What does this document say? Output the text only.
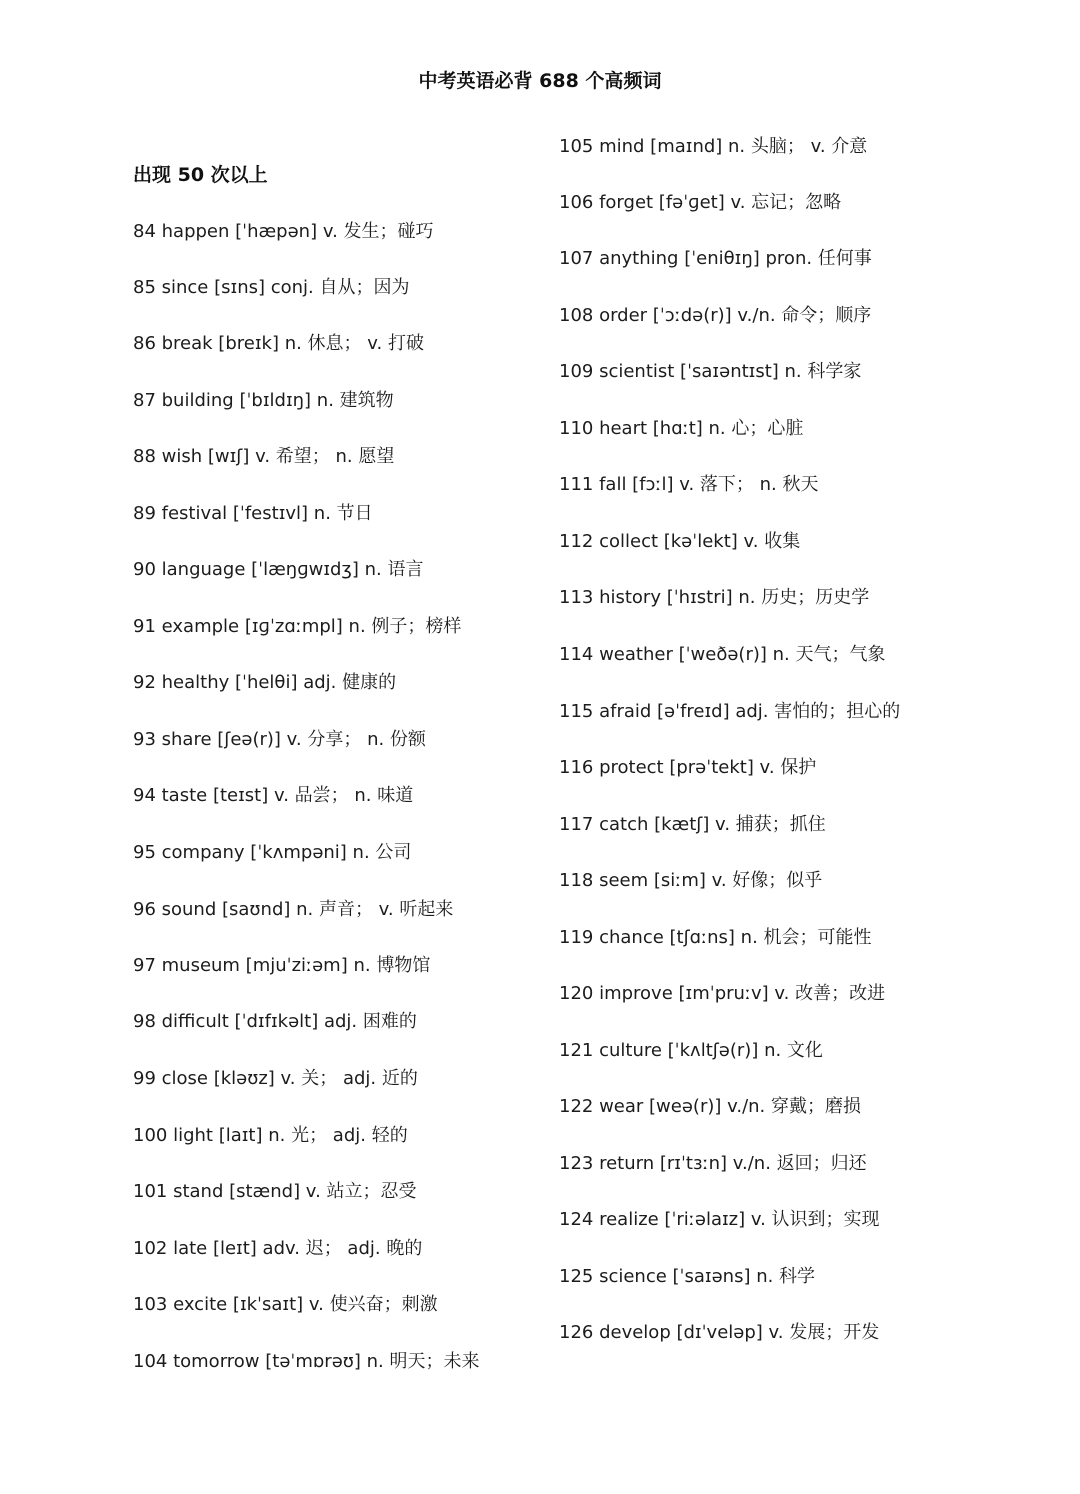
中考英语必背 688 个高频词
出现 50 次以上
84 happen [ˈhæpən] v. 发生；碰巧
85 since [sɪns] conj. 自从；因为
86 break [breɪk] n. 休息； v. 打破
87 building [ˈbɪldɪŋ] n. 建筑物
88 wish [wɪʃ] v. 希望； n. 愿望
89 festival [ˈfestɪvl] n. 节日
90 language [ˈlæŋɡwɪdʒ] n. 语言
91 example [ɪɡˈzɑːmpl] n. 例子；榜样
92 healthy [ˈhelθi] adj. 健康的
93 share [ʃeə(r)] v. 分享； n. 份额
94 taste [teɪst] v. 品尝； n. 味道
95 company [ˈkʌmpəni] n. 公司
96 sound [saʊnd] n. 声音； v. 听起来
97 museum [mjuˈziːəm] n. 博物馆
98 difficult [ˈdɪfɪkəlt] adj. 困难的
99 close [kləʊz] v. 关； adj. 近的
100 light [laɪt] n. 光； adj. 轻的
101 stand [stænd] v. 站立；忍受
102 late [leɪt] adv. 迟； adj. 晚的
103 excite [ɪkˈsaɪt] v. 使兴奋；刺激
104 tomorrow [təˈmɒrəʊ] n. 明天；未来
105 mind [maɪnd] n. 头脑； v. 介意
106 forget [fəˈɡet] v. 忘记；忽略
107 anything [ˈeniθɪŋ] pron. 任何事
108 order [ˈɔːdə(r)] v./n. 命令；顺序
109 scientist [ˈsaɪəntɪst] n. 科学家
110 heart [hɑːt] n. 心；心脏
111 fall [fɔːl] v. 落下； n. 秋天
112 collect [kəˈlekt] v. 收集
113 history [ˈhɪstri] n. 历史；历史学
114 weather [ˈweðə(r)] n. 天气；气象
115 afraid [əˈfreɪd] adj. 害怕的；担心的
116 protect [prəˈtekt] v. 保护
117 catch [kætʃ] v. 捕获；抓住
118 seem [siːm] v. 好像；似乎
119 chance [tʃɑːns] n. 机会；可能性
120 improve [ɪmˈpruːv] v. 改善；改进
121 culture [ˈkʌltʃə(r)] n. 文化
122 wear [weə(r)] v./n. 穿戴；磨损
123 return [rɪˈtɜːn] v./n. 返回；归还
124 realize [ˈriːəlaɪz] v. 认识到；实现
125 science [ˈsaɪəns] n. 科学
126 develop [dɪˈveləp] v. 发展；开发
